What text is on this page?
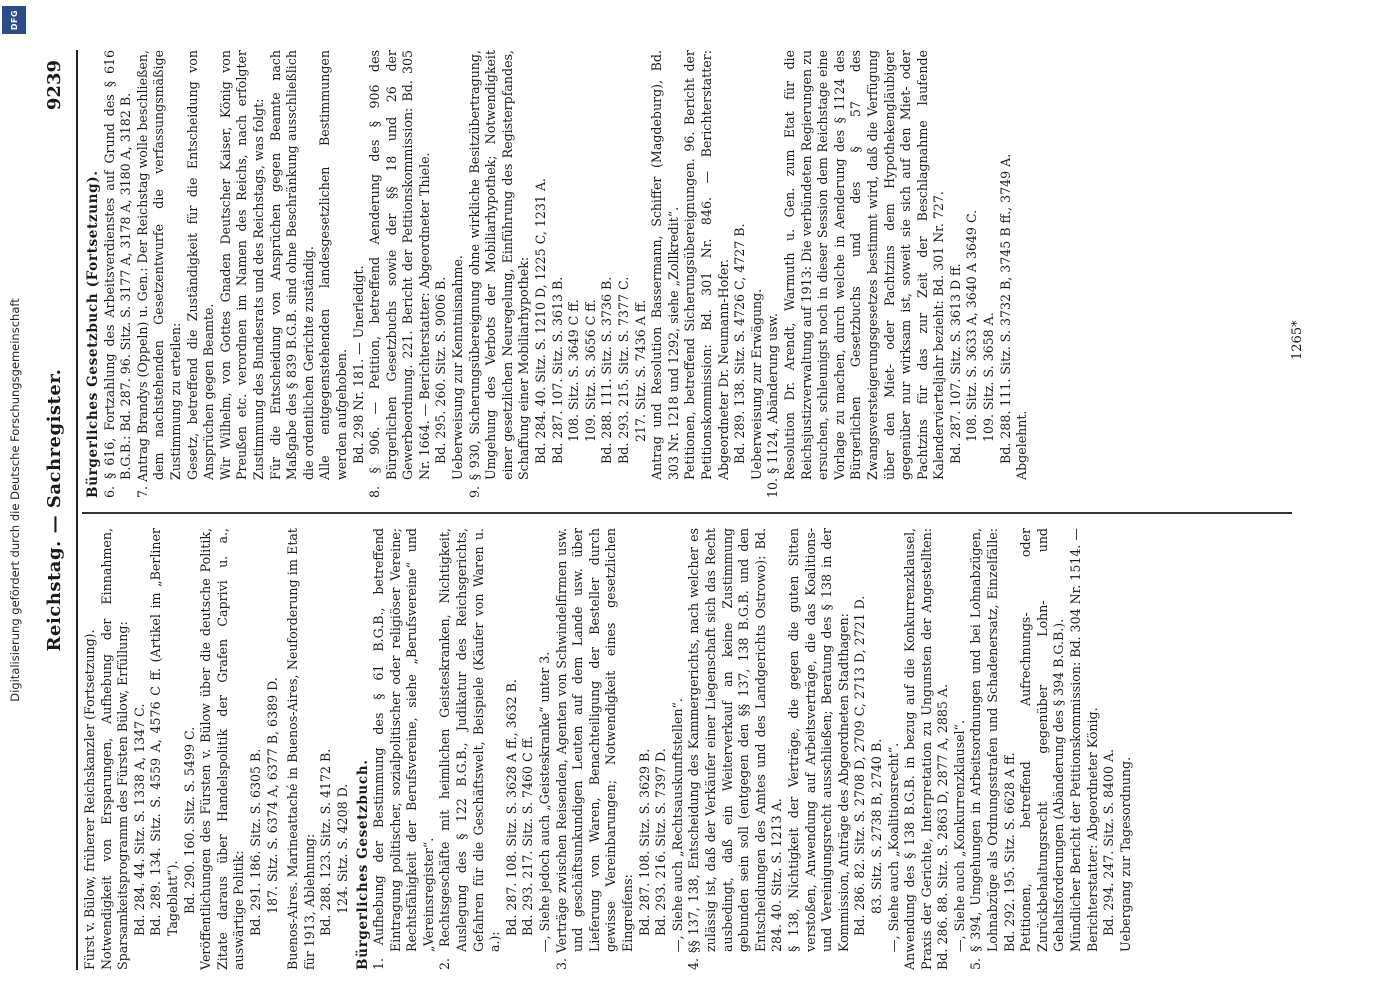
Digitalisierung gefördert durch die Deutsche Forschungsgemeinschaft
DFG
Reichstag. — Sachregister.
9239

Fürst v. Bülow, früherer Reichskanzler (Fortsetzung). Notwendigkeit von Ersparungen, Aufhebung der Einnahmen, Sparsamkeitsprogramm des Fürsten Bülow, Erfüllung: Bd. 284. 44. Sitz. S. 1338 A, 1347 C. Bd. 289. 134. Sitz. S. 4559 A, 4576 C ff. (Artikel im „Berliner Tageblatt“). Bd. 290. 160. Sitz. S. 5499 C. Veröffentlichungen des Fürsten v. Bülow über die deutsche Politik, Zitate daraus über Handelspolitik der Grafen Caprivi u. a., auswärtige Politik: Bd. 291. 186. Sitz. S. 6305 B. 187. Sitz. S. 6374 A, 6377 B, 6389 D. Buenos-Aires. Marineattaché in Buenos-Aires, Neuforderung im Etat für 1913, Ablehnung: Bd. 288. 123. Sitz. S. 4172 B. 124. Sitz. S. 4208 D. Bürgerliches Gesetzbuch. 1. Aufhebung der Bestimmung des § 61 B.G.B., betreffend Eintragung politischer, sozialpolitischer oder religiöser Vereine; Rechtsfähigkeit der Berufsvereine, siehe „Berufsvereine“ und „Vereinsregister“. 2. Rechtsgeschäfte mit heimlichen Geisteskranken, Nichtigkeit, Auslegung des § 122 B.G.B., Judikatur des Reichsgerichts, Gefahren für die Geschäftswelt, Beispiele (Käufer von Waren u. a.):

Bd. 287. 108. Sitz. S. 3628 A ff., 3632 B. Bd. 293. 217. Sitz. S. 7460 C ff. —, Siehe jedoch auch „Geisteskranke“ unter 3. 3. Verträge zwischen Reisenden, Agenten von Schwindelfirmen usw. und geschäftsunkundigen Leuten auf dem Lande usw. über Lieferung von Waren, Benachteiligung der Besteller durch gewisse Vereinbarungen; Notwendigkeit eines gesetzlichen Eingreifens: Bd. 287. 108. Sitz. S. 3629 B. Bd. 293. 216. Sitz. S. 7397 D. —, Siehe auch „Rechtsauskunftstellen“. 4. §§ 137, 138, Entscheidung des Kammergerichts, nach welcher es zulässig ist, daß der Verkäufer einer Liegenschaft sich das Recht ausbedingt, daß ein Weiterverkauf an keine Zustimmung gebunden sein soll (entgegen den §§ 137, 138 B.G.B. und den Entscheidungen des Amtes und des Landgerichts Ostrowo): Bd. 284. 40. Sitz. S. 1213 A. § 138, Nichtigkeit der Verträge, die gegen die guten Sitten verstoßen, Anwendung auf Arbeitsverträge, die das Koalitions- und Vereinigungsrecht ausschließen; Beratung des § 138 in der Kommission, Anträge des Abgeordneten Stadthagen: Bd. 286. 82. Sitz. S. 2708 D, 2709 C, 2713 D, 2721 D. 83. Sitz. S. 2738 B, 2740 B. —, Siehe auch „Koalitionsrecht“. Anwendung des § 138 B.G.B. in bezug auf die Konkurrenzklausel, Praxis der Gerichte, Interpretation zu Ungunsten der Angestellten: Bd. 286. 88. Sitz. S. 2863 D, 2877 A, 2885 A. —, Siehe auch „Konkurrenzklausel“. 5. § 394, Umgehungen in Arbeitsordnungen und bei Lohnabzügen, Lohnabzüge als Ordnungsstrafen und Schadenersatz, Einzelfälle: Bd. 292. 195. Sitz. S. 6628 A ff. Petitionen, betreffend Aufrechnungs- oder Zurückbehaltungsrecht gegenüber Lohn- und Gehaltsforderungen (Abänderung des § 394 B.G.B.). Mündlicher Bericht der Petitionskommission: Bd. 304 Nr. 1514. — Berichterstatter: Abgeordneter König. Bd. 294. 247. Sitz. S. 8400 A. Uebergang zur Tagesordnung.

Bürgerliches Gesetzbuch (Fortsetzung). 6. § 616, Fortzahlung des Arbeitsverdienstes auf Grund des § 616 B.G.B.: Bd. 287. 96. Sitz. S. 3177 A, 3178 A, 3180 A, 3182 B. 7. Antrag Brandys (Oppeln) u. Gen.: Der Reichstag wolle beschließen, dem nachstehenden Gesetzentwurfe die verfassungsmäßige Zustimmung zu erteilen: Gesetz, betreffend die Zuständigkeit für die Entscheidung von Ansprüchen gegen Beamte. Wir Wilhelm, von Gottes Gnaden Deutscher Kaiser, König von Preußen etc. verordnen im Namen des Reichs, nach erfolgter Zustimmung des Bundesrats und des Reichstags, was folgt: Für die Entscheidung von Ansprüchen gegen Beamte nach Maßgabe des § 839 B.G.B. sind ohne Beschränkung ausschließlich die ordentlichen Gerichte zuständig. Alle entgegenstehenden landesgesetzlichen Bestimmungen werden aufgehoben. Bd. 298 Nr. 181. — Unerledigt. 8. § 906. — Petition, betreffend Aenderung des § 906 des Bürgerlichen Gesetzbuchs sowie der §§ 18 und 26 der Gewerbeordnung. 221. Bericht der Petitionskommission: Bd. 305 Nr. 1664. — Berichterstatter: Abgeordneter Thiele. Bd. 295. 260. Sitz. S. 9006 B. Ueberweisung zur Kenntnisnahme. 9. § 930, Sicherungsübereignung ohne wirkliche Besitzübertragung, Umgehung des Verbots der Mobiliarhypothek; Notwendigkeit einer gesetzlichen Neuregelung, Einführung des Registerpfandes, Schaffung einer Mobiliarhypothek: Bd. 284. 40. Sitz. S. 1210 D, 1225 C, 1231 A. Bd. 287. 107. Sitz. S. 3613 B. 108. Sitz. S. 3649 C ff. 109. Sitz. S. 3656 C ff. Bd. 288. 111. Sitz. S. 3736 B. Bd. 293. 215. Sitz. S. 7377 C. 217. Sitz. S. 7436 A ff. Antrag und Resolution Bassermann, Schiffer (Magdeburg), Bd. 303 Nr. 1218 und 1292, siehe „Zollkredit“. Petitionen, betreffend Sicherungsübereignungen. 96. Bericht der Petitionskommission: Bd. 301 Nr. 846. — Berichterstatter: Abgeordneter Dr. Neumann-Hofer. Bd. 289. 138. Sitz. S. 4726 C, 4727 B. Ueberweisung zur Erwägung. 10. § 1124, Abänderung usw. Resolution Dr. Arendt, Warmuth u. Gen. zum Etat für die Reichsjustizverwaltung auf 1913: Die verbündeten Regierungen zu ersuchen, schleunigst noch in dieser Session dem Reichstage eine Vorlage zu machen, durch welche in Aenderung des § 1124 des Bürgerlichen Gesetzbuchs und des § 57 des Zwangsversteigerungsgesetzes bestimmt wird, daß die Verfügung über den Miet- oder Pachtzins dem Hypothekengläubiger gegenüber nur wirksam ist, soweit sie sich auf den Miet- oder Pachtzins für das zur Zeit der Beschlagnahme laufende Kalendervierteljahr bezieht: Bd. 301 Nr. 727. Bd. 287. 107. Sitz. S. 3613 D ff. 108. Sitz. S. 3633 A, 3640 A 3649 C. 109. Sitz. S. 3658 A. Bd. 288. 111. Sitz. S. 3732 B, 3745 B ff., 3749 A. Abgelehnt.

1265*
